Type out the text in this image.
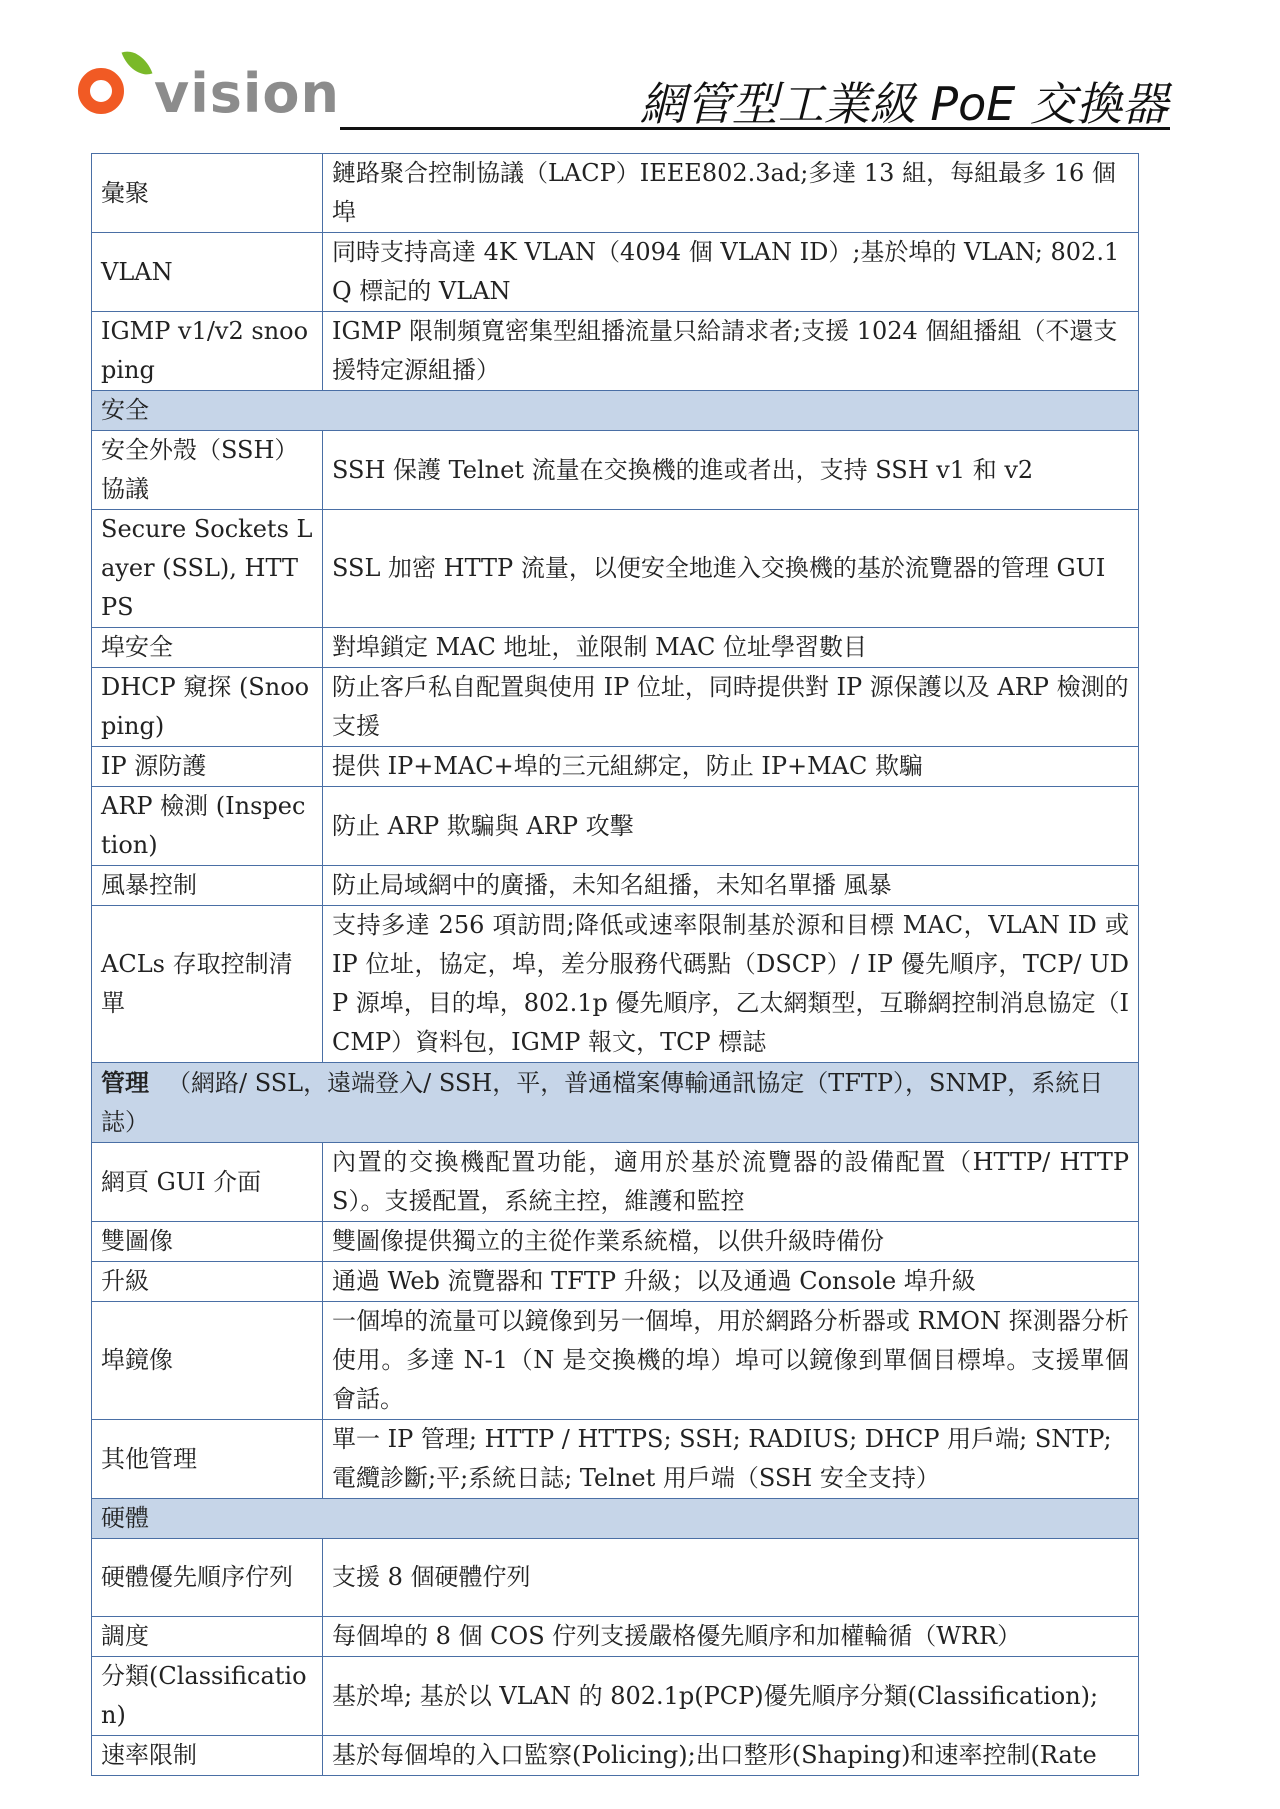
vision	網管型工業級 PoE 交換器
彙聚	鏈路聚合控制協議（LACP）IEEE802.3ad;多達 13 組，每組最多 16 個埠
VLAN	同時支持高達 4K VLAN（4094 個 VLAN ID）;基於埠的 VLAN; 802.1Q 標記的 VLAN
IGMP v1/v2 snooping	IGMP 限制頻寬密集型組播流量只給請求者;支援 1024 個組播組（不還支援特定源組播）
安全	
安全外殼（SSH）協議	SSH 保護 Telnet 流量在交換機的進或者出，支持 SSH v1 和 v2
Secure Sockets Layer (SSL), HTTPS	SSL 加密 HTTP 流量，以便安全地進入交換機的基於流覽器的管理 GUI
埠安全	對埠鎖定 MAC 地址，並限制 MAC 位址學習數目
DHCP 窺探 (Snooping)	防止客戶私自配置與使用 IP 位址，同時提供對 IP 源保護以及 ARP 檢測的支援
IP 源防護	提供 IP+MAC+埠的三元組綁定，防止 IP+MAC 欺騙
ARP 檢測 (Inspection)	防止 ARP 欺騙與 ARP 攻擊
風暴控制	防止局域網中的廣播，未知名組播，未知名單播 風暴
ACLs 存取控制清單	支持多達 256 項訪問;降低或速率限制基於源和目標 MAC，VLAN ID 或 IP 位址，協定，埠，差分服務代碼點（DSCP）/ IP 優先順序，TCP/ UDP 源埠，目的埠，802.1p 優先順序，乙太網類型，互聯網控制消息協定（ICMP）資料包，IGMP 報文，TCP 標誌
管理 （網路/ SSL，遠端登入/ SSH，平，普通檔案傳輸通訊協定（TFTP），SNMP，系統日誌）	
網頁 GUI 介面	內置的交換機配置功能，適用於基於流覽器的設備配置（HTTP/ HTTPS）。支援配置，系統主控，維護和監控
雙圖像	雙圖像提供獨立的主從作業系統檔，以供升級時備份
升級	通過 Web 流覽器和 TFTP 升級；以及通過 Console 埠升級
埠鏡像	一個埠的流量可以鏡像到另一個埠，用於網路分析器或 RMON 探測器分析使用。多達 N-1（N 是交換機的埠）埠可以鏡像到單個目標埠。支援單個會話。
其他管理	單一 IP 管理; HTTP / HTTPS; SSH; RADIUS; DHCP 用戶端; SNTP;電纜診斷;平;系統日誌; Telnet 用戶端（SSH 安全支持）
硬體	
硬體優先順序佇列	支援 8 個硬體佇列
調度	每個埠的 8 個 COS 佇列支援嚴格優先順序和加權輪循（WRR）
分類(Classification)	基於埠; 基於以 VLAN 的 802.1p(PCP)優先順序分類(Classification);
速率限制	基於每個埠的入口監察(Policing);出口整形(Shaping)和速率控制(Rate
